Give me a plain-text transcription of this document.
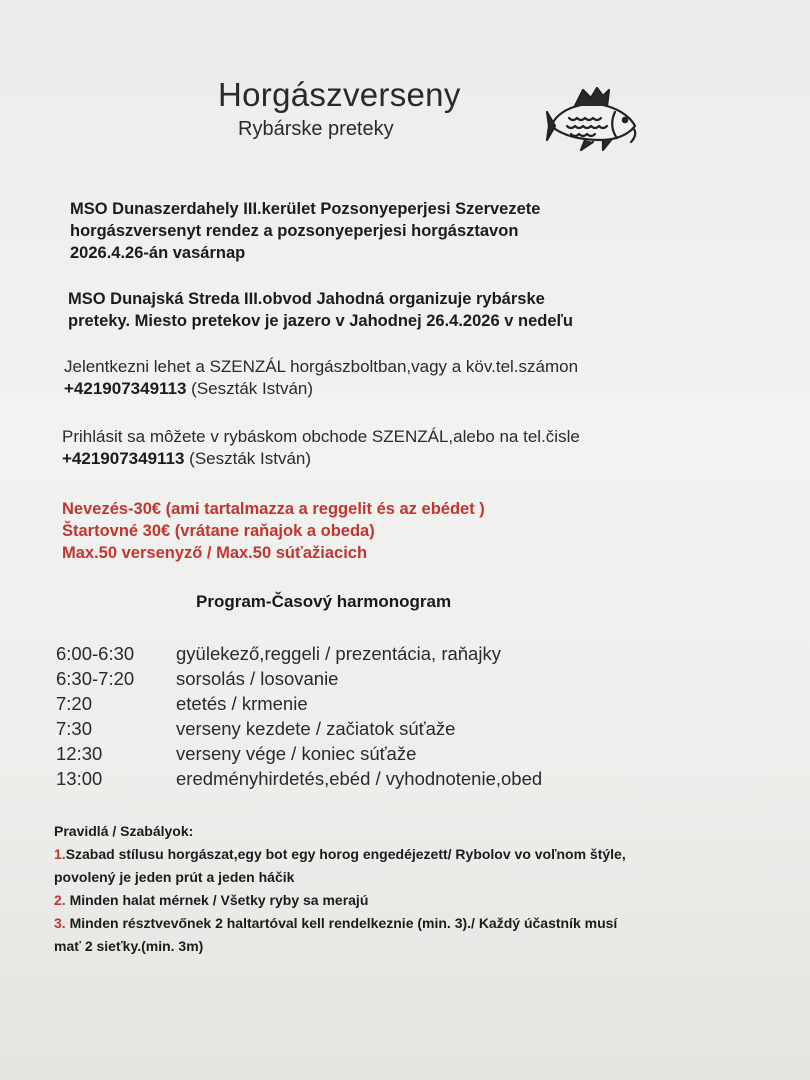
Horgászverseny
Rybárske preteky
MSO Dunaszerdahely III.kerület Pozsonyeperjesi Szervezete
horgászversenyt rendez a pozsonyeperjesi horgásztavon
2026.4.26-án vasárnap
MSO Dunajská Streda III.obvod Jahodná organizuje rybárske
preteky. Miesto pretekov je jazero v Jahodnej 26.4.2026 v nedeľu
Jelentkezni lehet a SZENZÁL horgászboltban,vagy a köv.tel.számon
+421907349113 (Seszták István)
Prihlásit sa môžete v rybáskom obchode SZENZÁL,alebo na tel.čisle
+421907349113 (Seszták István)
Nevezés-30€ (ami tartalmazza a reggelit és az ebédet )
Štartovné 30€ (vrátane raňajok a obeda)
Max.50 versenyző / Max.50 súťažiacich
Program-Časový harmonogram
6:00-6:30 gyülekező,reggeli / prezentácia, raňajky
6:30-7:20 sorsolás / losovanie
7:20	etetés / krmenie
7:30	verseny kezdete / začiatok súťaže
12:30	verseny vége / koniec súťaže
13:00	eredményhirdetés,ebéd / vyhodnotenie,obed
Pravidlá / Szabályok:
1.Szabad stílusu horgászat,egy bot egy horog engedéjezett/ Rybolov vo voľnom štýle,
povolený je jeden prút a jeden háčik
2. Minden halat mérnek / Všetky ryby sa merajú
3. Minden résztvevőnek 2 haltartóval kell rendelkeznie (min. 3)./ Každý účastník musí
mať 2 sieťky.(min. 3m)
